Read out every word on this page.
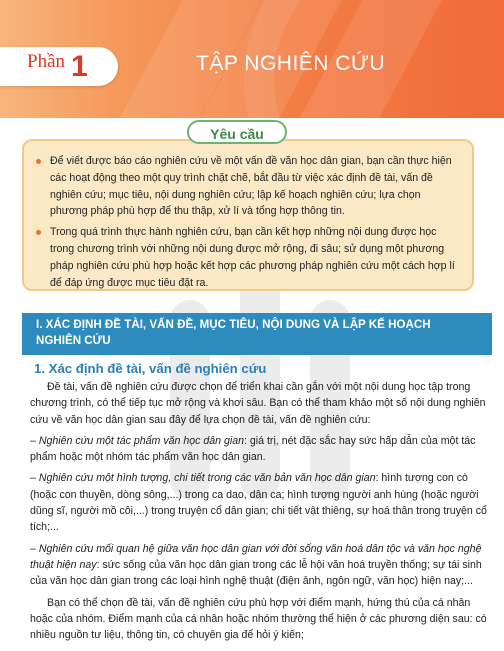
Phần 1	TẬP NGHIÊN CỨU
Yêu cầu
Để viết được báo cáo nghiên cứu về một vấn đề văn học dân gian, bạn cần thực hiện các hoạt động theo một quy trình chặt chẽ, bắt đầu từ việc xác định đề tài, vấn đề nghiên cứu; mục tiêu, nội dung nghiên cứu; lập kế hoạch nghiên cứu; lựa chọn phương pháp phù hợp để thu thập, xử lí và tổng hợp thông tin.
Trong quá trình thực hành nghiên cứu, bạn cần kết hợp những nội dung được học trong chương trình với những nội dung được mở rộng, đi sâu; sử dụng một phương pháp nghiên cứu phù hợp hoặc kết hợp các phương pháp nghiên cứu một cách hợp lí để đáp ứng được mục tiêu đặt ra.
I. XÁC ĐỊNH ĐỀ TÀI, VẤN ĐỀ, MỤC TIÊU, NỘI DUNG VÀ LẬP KẾ HOẠCH NGHIÊN CỨU
1. Xác định đề tài, vấn đề nghiên cứu

Đề tài, vấn đề nghiên cứu được chọn để triển khai cần gắn với một nội dung học tập trong chương trình, có thể tiếp tục mở rộng và khơi sâu. Bạn có thể tham khảo một số nội dung nghiên cứu về văn học dân gian sau đây để lựa chọn đề tài, vấn đề nghiên cứu:

– Nghiên cứu một tác phẩm văn học dân gian: giá trị, nét đặc sắc hay sức hấp dẫn của một tác phẩm hoặc một nhóm tác phẩm văn học dân gian.

– Nghiên cứu một hình tượng, chi tiết trong các văn bản văn học dân gian: hình tượng con cò (hoặc con thuyền, dòng sông,...) trong ca dao, dân ca; hình tượng người anh hùng (hoặc người dũng sĩ, người mồ côi,...) trong truyện cổ dân gian; chi tiết vật thiêng, sự hoá thân trong truyện cổ tích;...

– Nghiên cứu mối quan hệ giữa văn học dân gian với đời sống văn hoá dân tộc và văn học nghệ thuật hiện nay: sức sống của văn học dân gian trong các lễ hội văn hoá truyền thống; sự tái sinh của văn học dân gian trong các loại hình nghệ thuật (điện ảnh, ngôn ngữ, văn học) hiện nay;...

Bạn có thể chọn đề tài, vấn đề nghiên cứu phù hợp với điểm mạnh, hứng thú của cá nhân hoặc của nhóm. Điểm mạnh của cá nhân hoặc nhóm thường thể hiện ở các phương diện sau: có nhiều nguồn tư liệu, thông tin, có chuyên gia để hỏi ý kiến;
